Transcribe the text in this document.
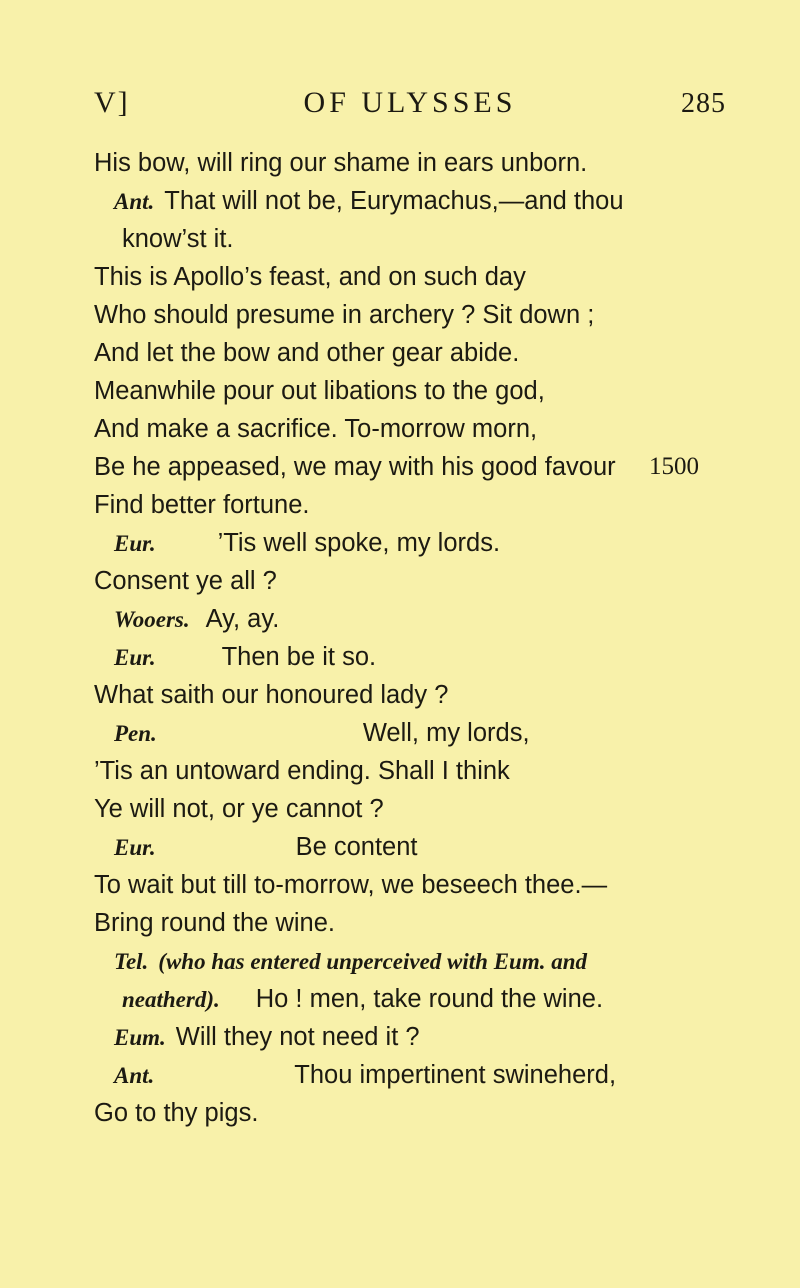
V]	OF ULYSSES	285
His bow, will ring our shame in ears unborn.
Ant. That will not be, Eurymachus,—and thou
know’st it.
This is Apollo’s feast, and on such day
Who should presume in archery ? Sit down ;
And let the bow and other gear abide.
Meanwhile pour out libations to the god,
And make a sacrifice. To-morrow morn,
Be he appeased, we may with his good favour 1500
Find better fortune.
Eur. ’Tis well spoke, my lords.
Consent ye all ?
Wooers. Ay, ay.
Eur.	Then be it so.
What saith our honoured lady ?
Pen.	Well, my lords,
’Tis an untoward ending. Shall I think
Ye will not, or ye cannot ?
Eur.	Be content
To wait but till to-morrow, we beseech thee.—
Bring round the wine.
Tel. (who has entered unperceived with Eum. and
neatherd). Ho ! men, take round the wine.
Eum. Will they not need it ?
Ant.	Thou impertinent swineherd,
Go to thy pigs.
